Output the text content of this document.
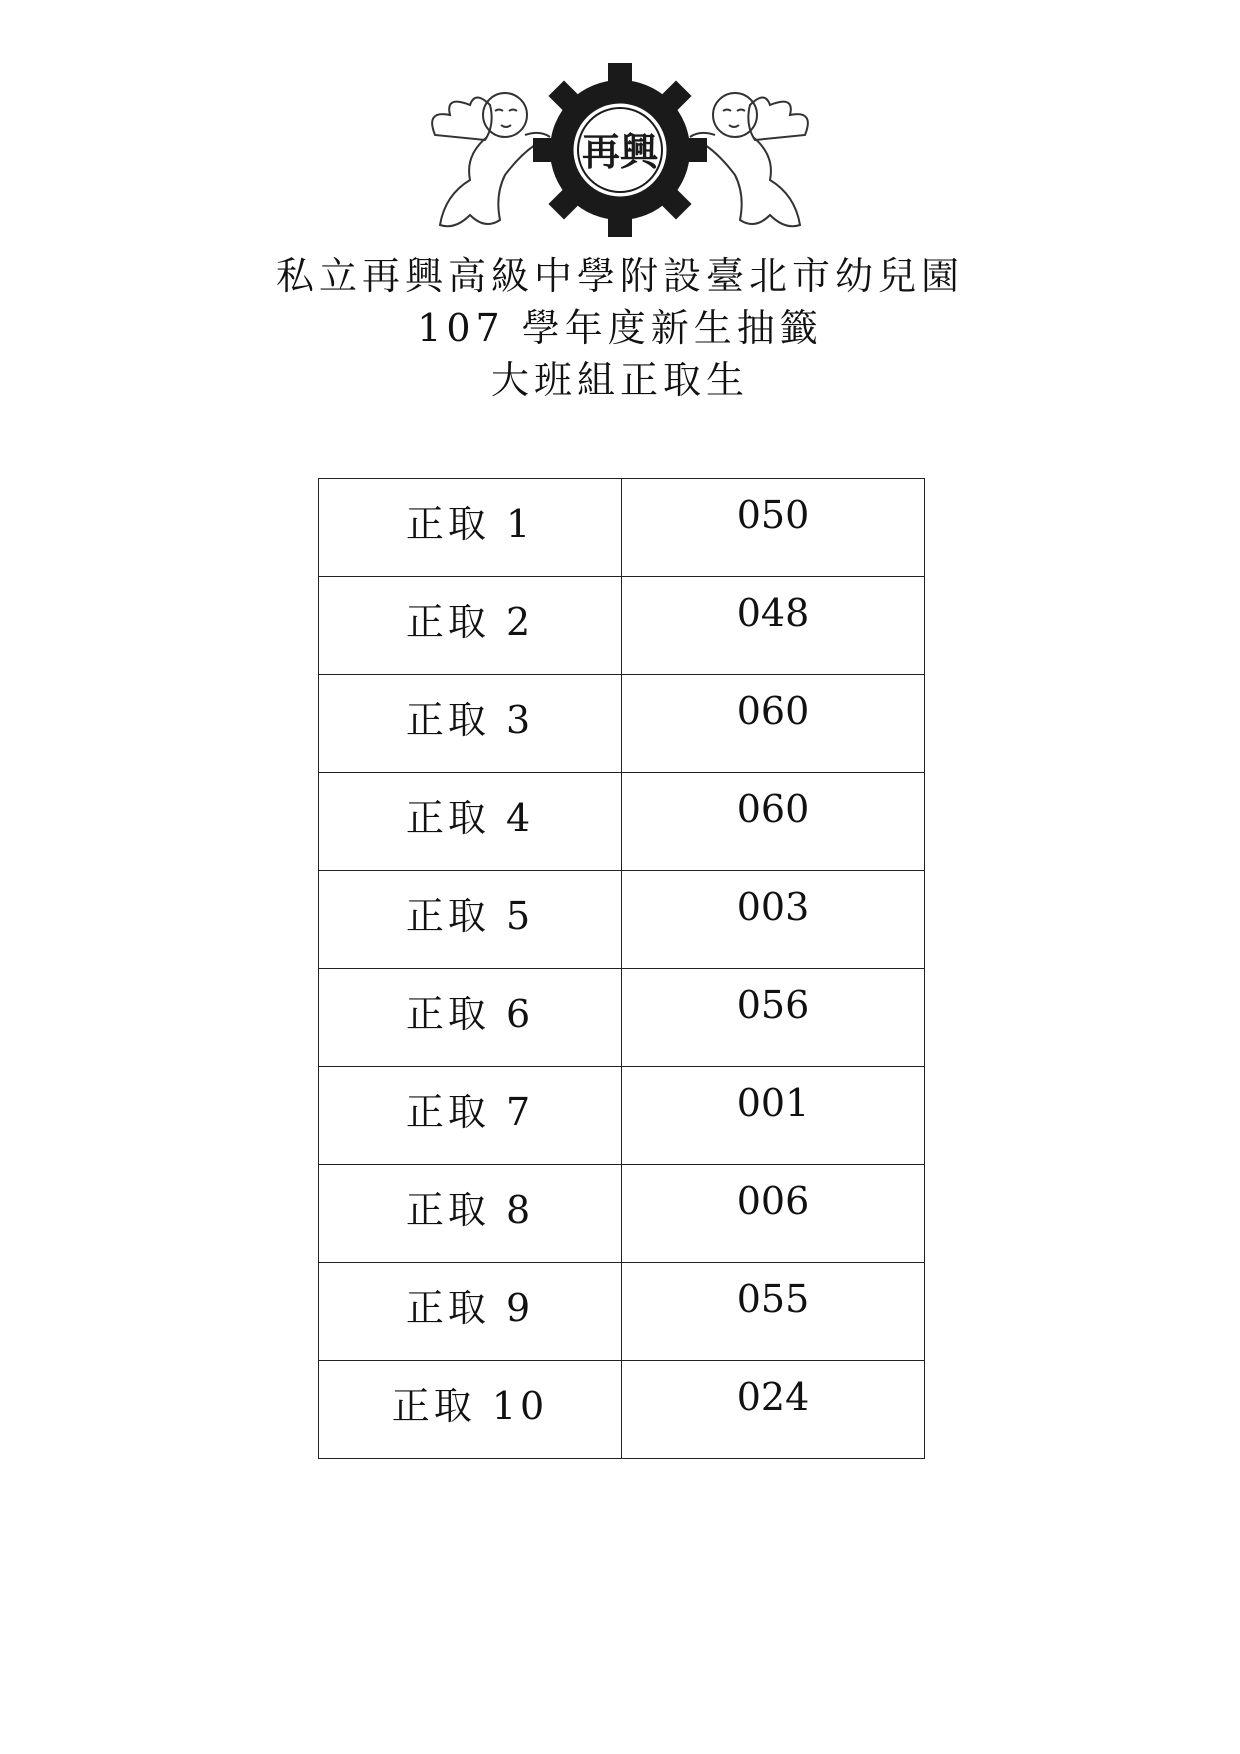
再興
私立再興高級中學附設臺北市幼兒園
107 學年度新生抽籤
大班組正取生
正取 1	050
正取 2	048
正取 3	060
正取 4	060
正取 5	003
正取 6	056
正取 7	001
正取 8	006
正取 9	055
正取 10	024
